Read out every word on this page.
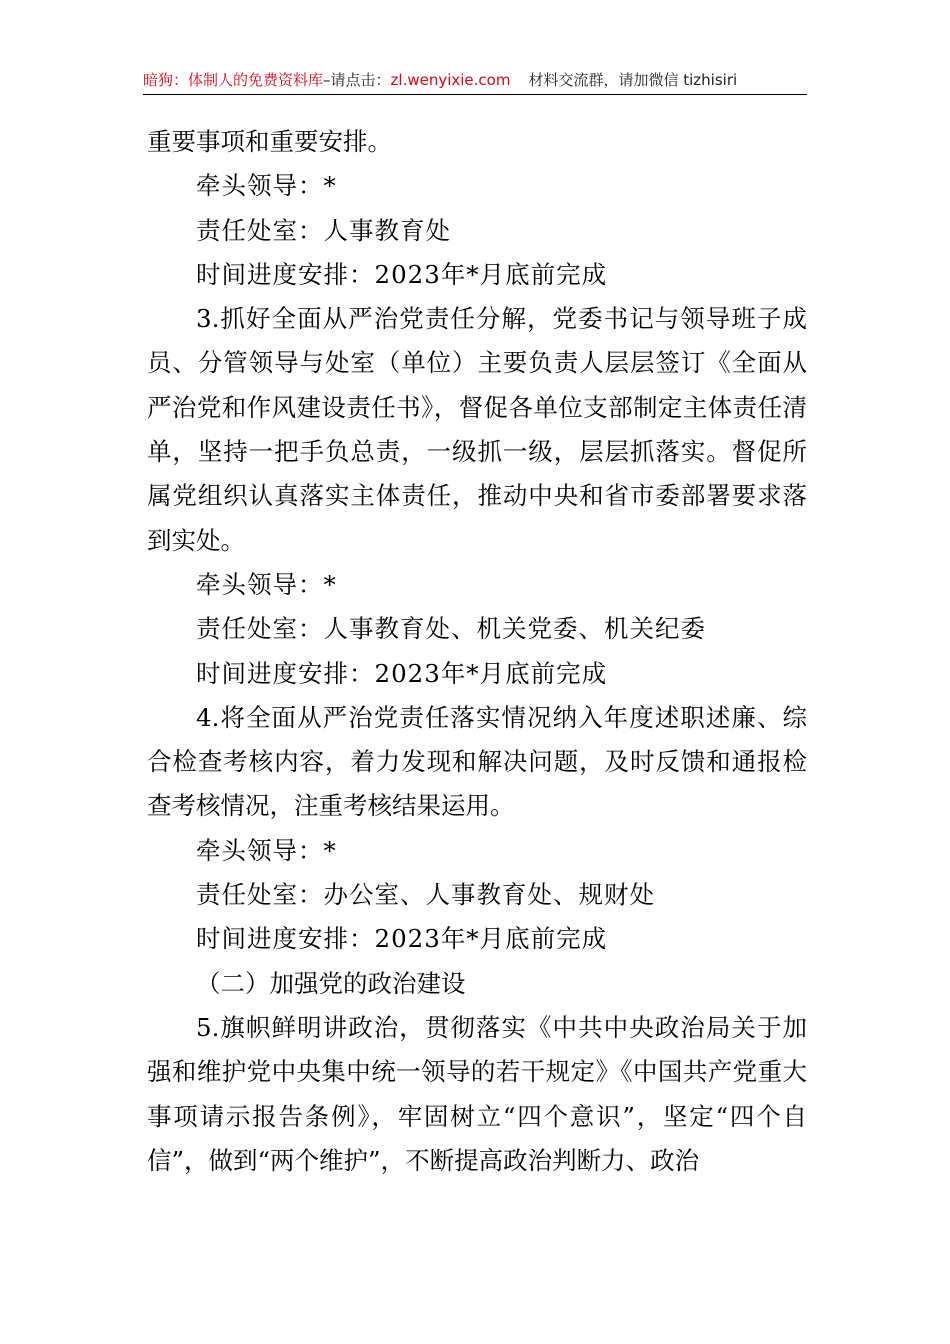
暗狗：体制人的免费资料库–请点击：zl.wenyixie.com 材料交流群，请加微信 tizhisiri

重要事项和重要安排。

牵头领导：*

责任处室：人事教育处

时间进度安排：2023年*月底前完成

3.抓好全面从严治党责任分解，党委书记与领导班子成员、分管领导与处室（单位）主要负责人层层签订《全面从严治党和作风建设责任书》，督促各单位支部制定主体责任清单，坚持一把手负总责，一级抓一级，层层抓落实。督促所属党组织认真落实主体责任，推动中央和省市委部署要求落到实处。

牵头领导：*

责任处室：人事教育处、机关党委、机关纪委

时间进度安排：2023年*月底前完成

4.将全面从严治党责任落实情况纳入年度述职述廉、综合检查考核内容，着力发现和解决问题，及时反馈和通报检查考核情况，注重考核结果运用。

牵头领导：*

责任处室：办公室、人事教育处、规财处

时间进度安排：2023年*月底前完成

（二）加强党的政治建设

5.旗帜鲜明讲政治，贯彻落实《中共中央政治局关于加强和维护党中央集中统一领导的若干规定》《中国共产党重大事项请示报告条例》，牢固树立“四个意识”，坚定“四个自信”，做到“两个维护”，不断提高政治判断力、政治
